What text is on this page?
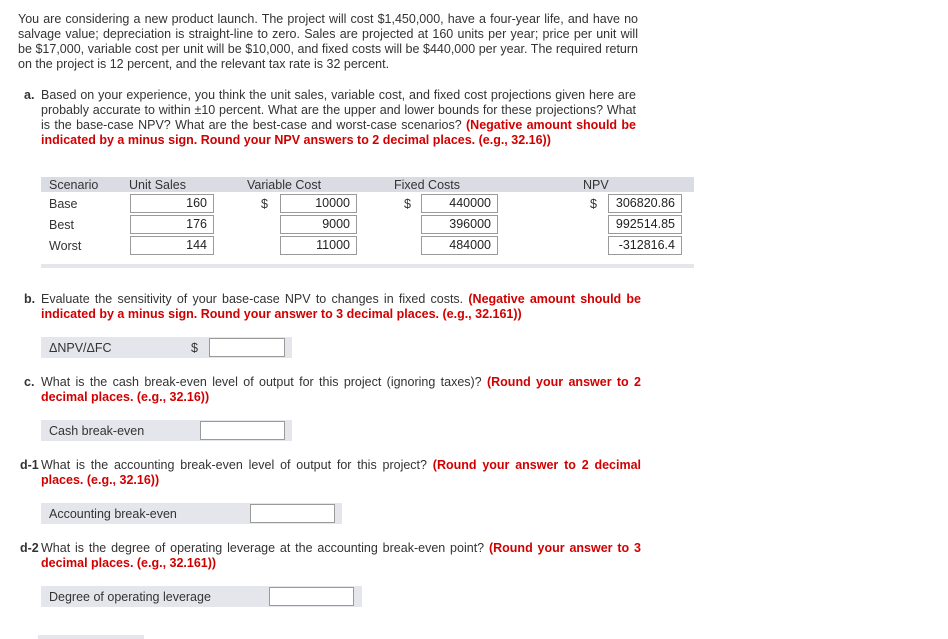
You are considering a new product launch. The project will cost $1,450,000, have a four-year life, and have no salvage value; depreciation is straight-line to zero. Sales are projected at 160 units per year; price per unit will be $17,000, variable cost per unit will be $10,000, and fixed costs will be $440,000 per year. The required return on the project is 12 percent, and the relevant tax rate is 32 percent.
a. Based on your experience, you think the unit sales, variable cost, and fixed cost projections given here are probably accurate to within ±10 percent. What are the upper and lower bounds for these projections? What is the base-case NPV? What are the best-case and worst-case scenarios? (Negative amount should be indicated by a minus sign. Round your NPV answers to 2 decimal places. (e.g., 32.16))
Scenario Unit Sales	Variable Cost	Fixed Costs	NPV
Base	160	$	10000	$	440000	$	306820.86
Best	176	9000	396000	992514.85
Worst	144	11000	484000	-312816.4
b. Evaluate the sensitivity of your base-case NPV to changes in fixed costs. (Negative amount should be indicated by a minus sign. Round your answer to 3 decimal places. (e.g., 32.161))
ΔNPV/ΔFC	$
c. What is the cash break-even level of output for this project (ignoring taxes)? (Round your answer to 2 decimal places. (e.g., 32.16))
Cash break-even
d-1 What is the accounting break-even level of output for this project? (Round your answer to 2 decimal places. (e.g., 32.16))
Accounting break-even
d-2 What is the degree of operating leverage at the accounting break-even point? (Round your answer to 3 decimal places. (e.g., 32.161))
Degree of operating leverage
